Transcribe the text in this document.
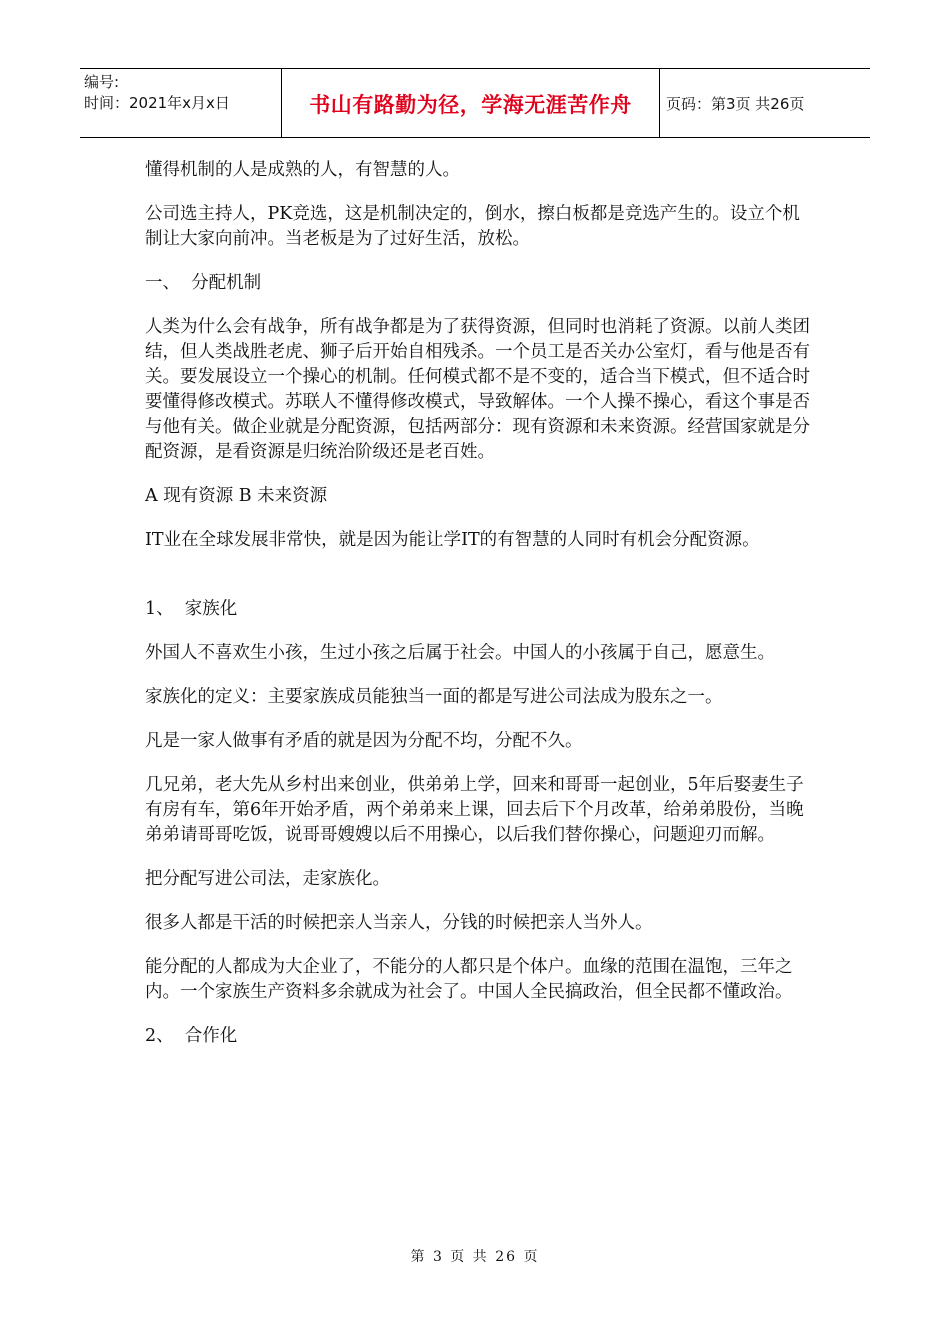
编号:
时间：2021年x月x日	书山有路勤为径，学海无涯苦作舟	页码：第3页 共26页

懂得机制的人是成熟的人，有智慧的人。

公司选主持人，PK竞选，这是机制决定的，倒水，擦白板都是竞选产生的。设立个机制让大家向前冲。当老板是为了过好生活，放松。

一、  分配机制

人类为什么会有战争，所有战争都是为了获得资源，但同时也消耗了资源。以前人类团结，但人类战胜老虎、狮子后开始自相残杀。一个员工是否关办公室灯，看与他是否有关。要发展设立一个操心的机制。任何模式都不是不变的，适合当下模式，但不适合时要懂得修改模式。苏联人不懂得修改模式，导致解体。一个人操不操心，看这个事是否与他有关。做企业就是分配资源，包括两部分：现有资源和未来资源。经营国家就是分配资源，是看资源是归统治阶级还是老百姓。

A 现有资源 B 未来资源

IT业在全球发展非常快，就是因为能让学IT的有智慧的人同时有机会分配资源。

1、  家族化

外国人不喜欢生小孩，生过小孩之后属于社会。中国人的小孩属于自己，愿意生。

家族化的定义：主要家族成员能独当一面的都是写进公司法成为股东之一。

凡是一家人做事有矛盾的就是因为分配不均，分配不久。

几兄弟，老大先从乡村出来创业，供弟弟上学，回来和哥哥一起创业，5年后娶妻生子有房有车，第6年开始矛盾，两个弟弟来上课，回去后下个月改革，给弟弟股份，当晚弟弟请哥哥吃饭，说哥哥嫂嫂以后不用操心，以后我们替你操心，问题迎刃而解。

把分配写进公司法，走家族化。

很多人都是干活的时候把亲人当亲人，分钱的时候把亲人当外人。

能分配的人都成为大企业了，不能分的人都只是个体户。血缘的范围在温饱，三年之内。一个家族生产资料多余就成为社会了。中国人全民搞政治，但全民都不懂政治。

2、  合作化

第 3 页 共 26 页
